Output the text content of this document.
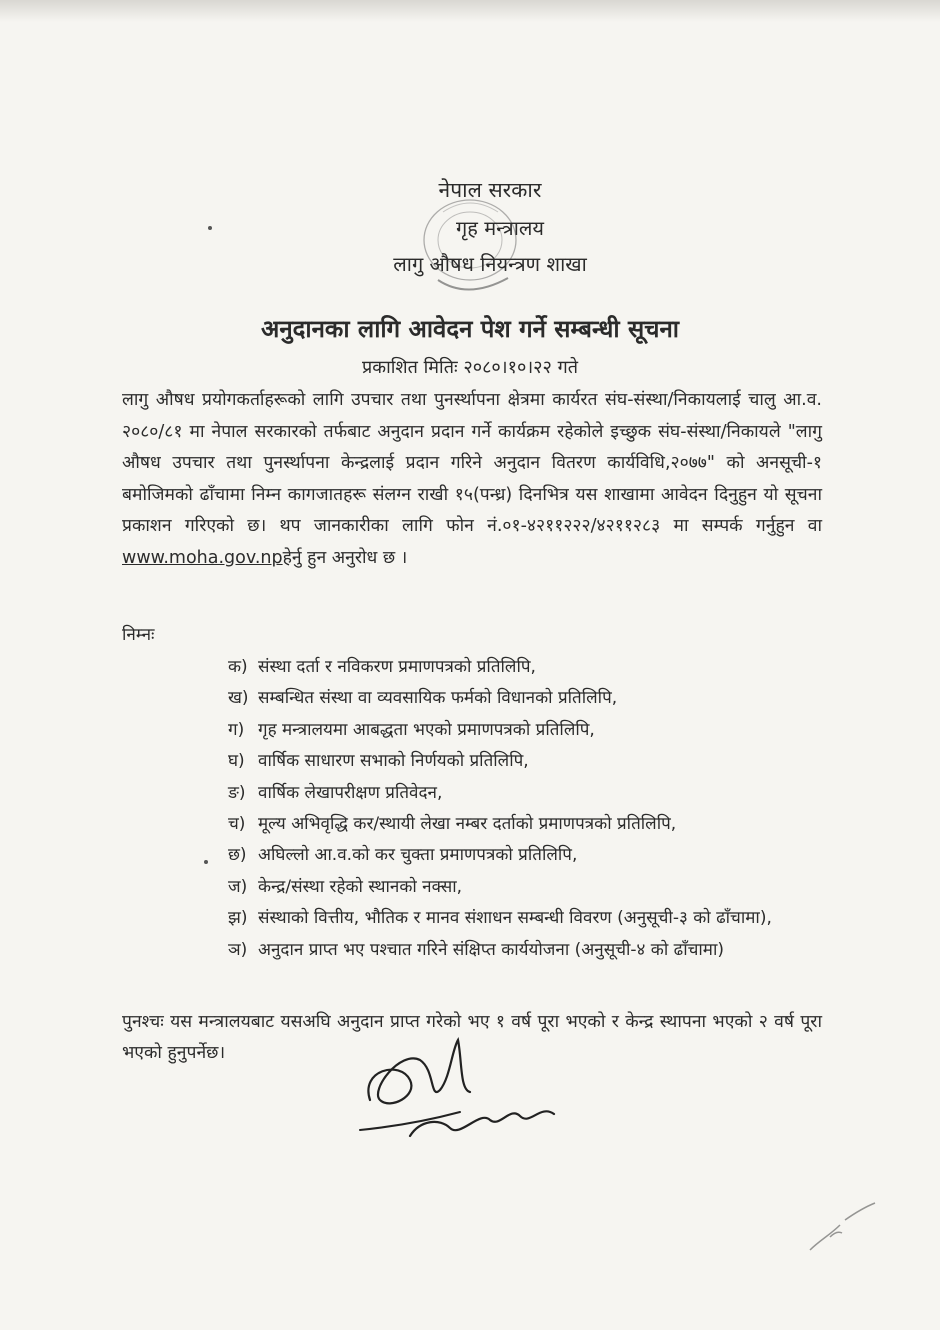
नेपाल सरकार
गृह मन्त्रालय
लागु औषध नियन्त्रण शाखा
अनुदानका लागि आवेदन पेश गर्ने सम्बन्धी सूचना
प्रकाशित मितिः २०८०।१०।२२ गते
लागु औषध प्रयोगकर्ताहरूको लागि उपचार तथा पुनर्स्थापना क्षेत्रमा कार्यरत संघ-संस्था/निकायलाई चालु आ.व. २०८०/८१ मा नेपाल सरकारको तर्फबाट अनुदान प्रदान गर्ने कार्यक्रम रहेकोले इच्छुक संघ-संस्था/निकायले "लागु औषध उपचार तथा पुनर्स्थापना केन्द्रलाई प्रदान गरिने अनुदान वितरण कार्यविधि,२०७७" को अनसूची-१ बमोजिमको ढाँचामा निम्न कागजातहरू संलग्न राखी १५(पन्ध्र) दिनभित्र यस शाखामा आवेदन दिनुहुन यो सूचना प्रकाशन गरिएको छ। थप जानकारीका लागि फोन नं.०१-४२११२२२/४२११२८३ मा सम्पर्क गर्नुहुन वा www.moha.gov.npहेर्नु हुन अनुरोध छ ।
निम्नः
क) संस्था दर्ता र नविकरण प्रमाणपत्रको प्रतिलिपि,
ख) सम्बन्धित संस्था वा व्यवसायिक फर्मको विधानको प्रतिलिपि,
ग) गृह मन्त्रालयमा आबद्धता भएको प्रमाणपत्रको प्रतिलिपि,
घ) वार्षिक साधारण सभाको निर्णयको प्रतिलिपि,
ङ) वार्षिक लेखापरीक्षण प्रतिवेदन,
च) मूल्य अभिवृद्धि कर/स्थायी लेखा नम्बर दर्ताको प्रमाणपत्रको प्रतिलिपि,
छ) अघिल्लो आ.व.को कर चुक्ता प्रमाणपत्रको प्रतिलिपि,
ज) केन्द्र/संस्था रहेको स्थानको नक्सा,
झ) संस्थाको वित्तीय, भौतिक र मानव संशाधन सम्बन्धी विवरण (अनुसूची-३ को ढाँचामा),
ञ) अनुदान प्राप्त भए पश्चात गरिने संक्षिप्त कार्ययोजना (अनुसूची-४ को ढाँचामा)
पुनश्चः यस मन्त्रालयबाट यसअघि अनुदान प्राप्त गरेको भए १ वर्ष पूरा भएको र केन्द्र स्थापना भएको २ वर्ष पूरा भएको हुनुपर्नेछ।
